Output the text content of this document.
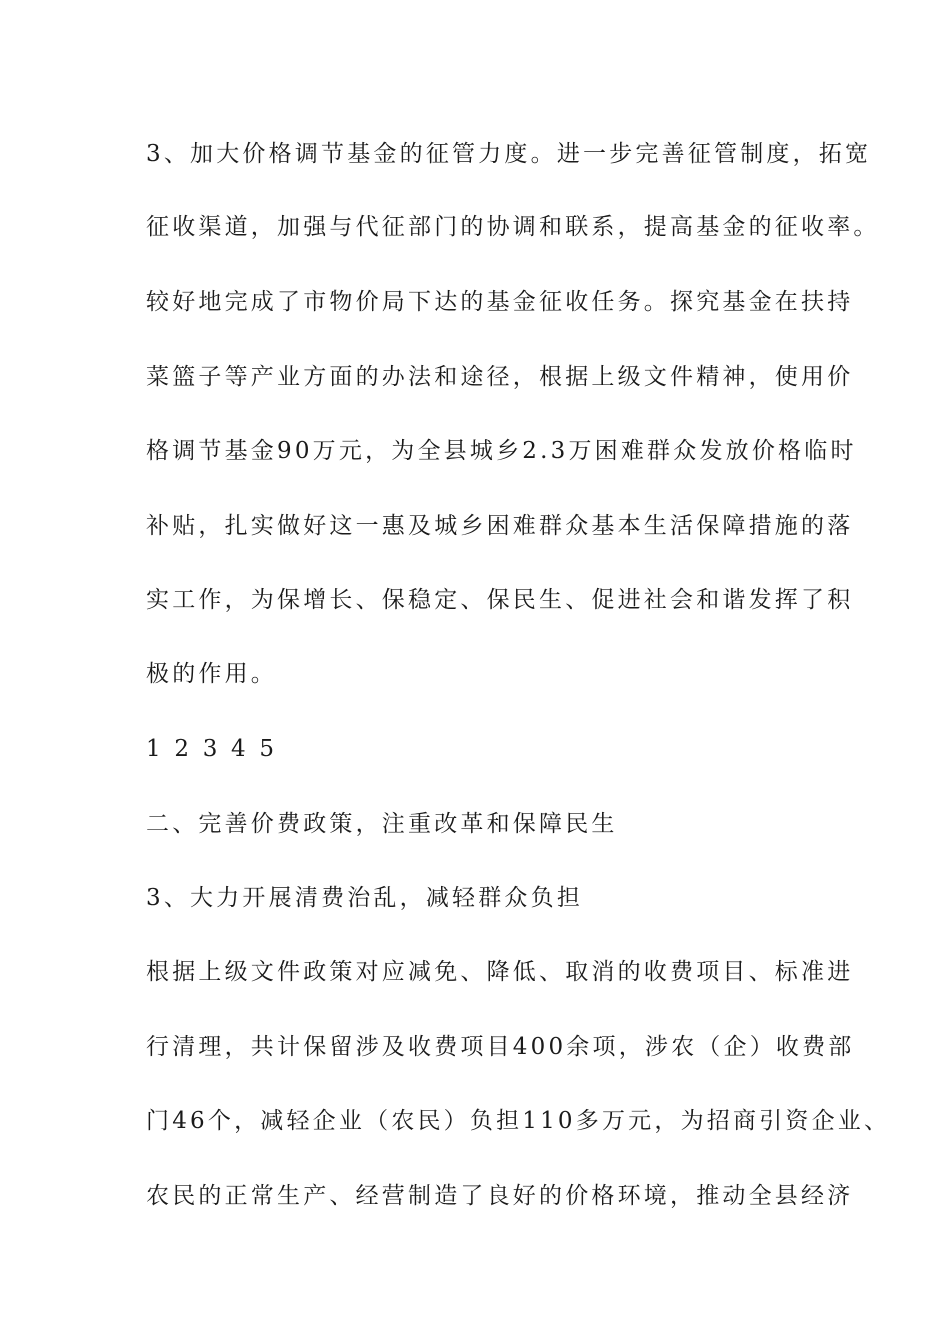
3、加大价格调节基金的征管力度。进一步完善征管制度，拓宽
征收渠道，加强与代征部门的协调和联系，提高基金的征收率。
较好地完成了市物价局下达的基金征收任务。探究基金在扶持
菜篮子等产业方面的办法和途径，根据上级文件精神，使用价
格调节基金90万元，为全县城乡2.3万困难群众发放价格临时
补贴，扎实做好这一惠及城乡困难群众基本生活保障措施的落
实工作，为保增长、保稳定、保民生、促进社会和谐发挥了积
极的作用。
1 2 3 4 5
二、完善价费政策，注重改革和保障民生
3、大力开展清费治乱，减轻群众负担
根据上级文件政策对应减免、降低、取消的收费项目、标准进
行清理，共计保留涉及收费项目400余项，涉农（企）收费部
门46个，减轻企业（农民）负担110多万元，为招商引资企业、
农民的正常生产、经营制造了良好的价格环境，推动全县经济
